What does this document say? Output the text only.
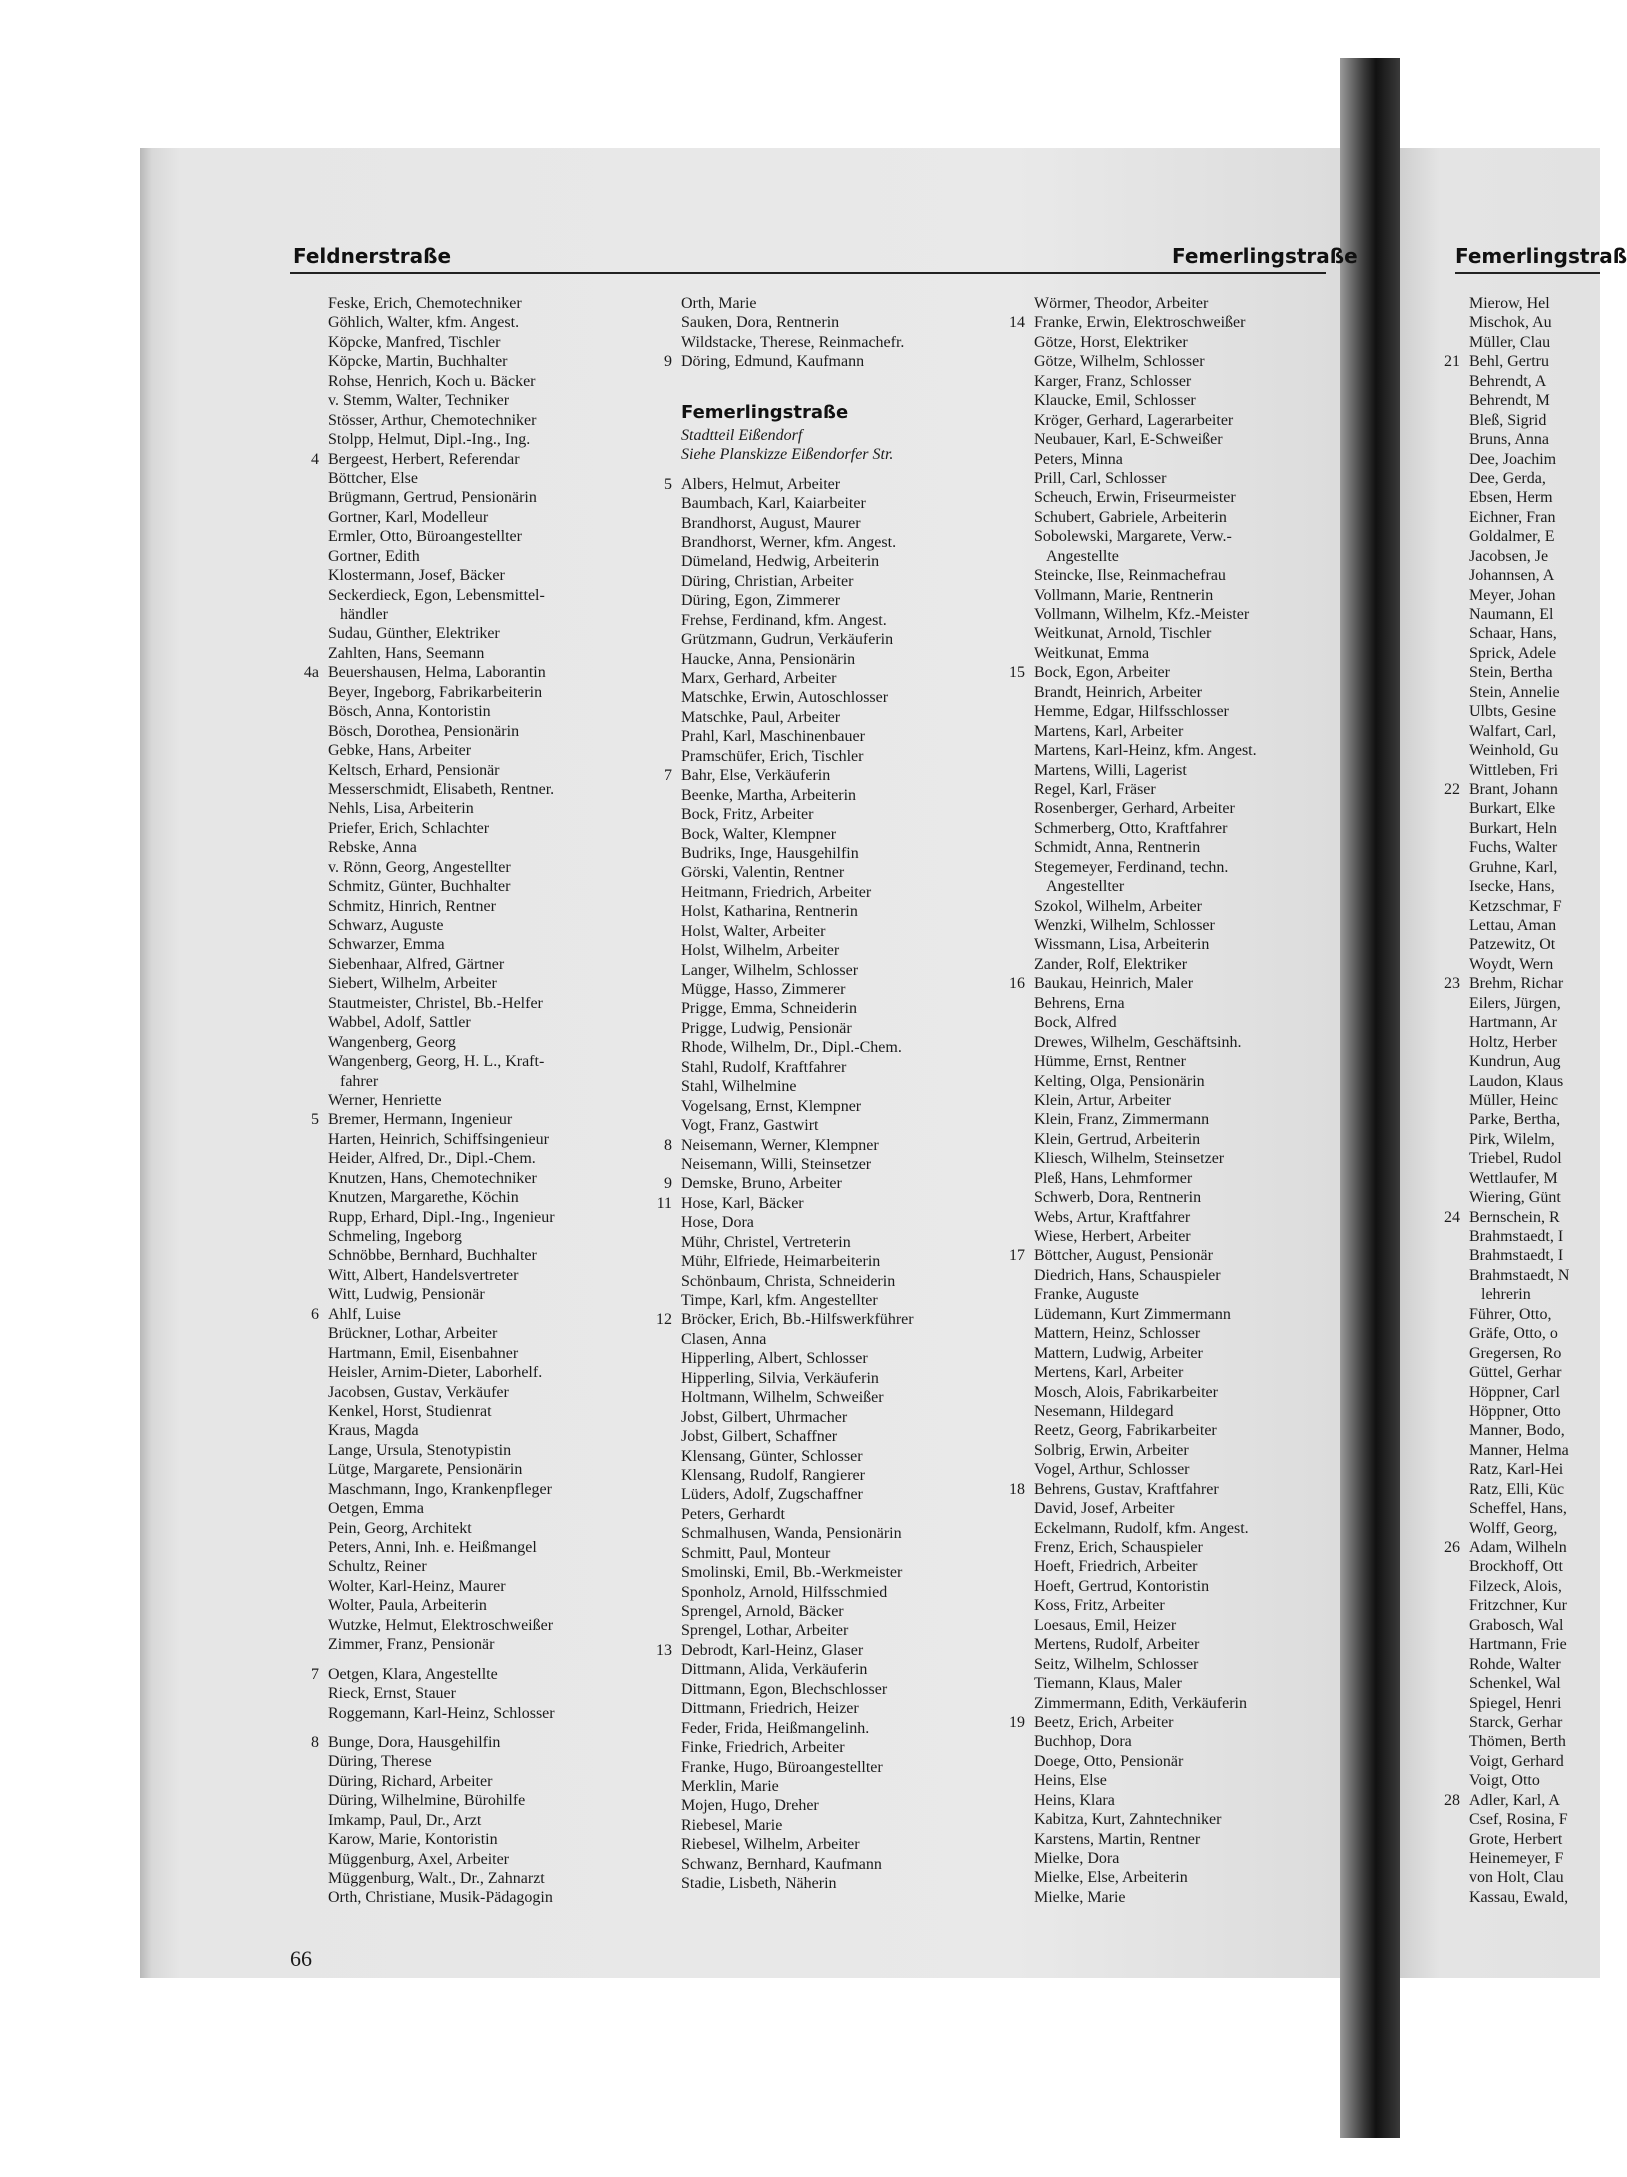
Feldnerstraße	Femerlingstraße	Femerlingstraß
Feske, Erich, Chemotechniker
Göhlich, Walter, kfm. Angest.
Köpcke, Manfred, Tischler
Köpcke, Martin, Buchhalter
Rohse, Henrich, Koch u. Bäcker
v. Stemm, Walter, Techniker
Stösser, Arthur, Chemotechniker
Stolpp, Helmut, Dipl.-Ing., Ing.
4 Bergeest, Herbert, Referendar
Böttcher, Else
Brügmann, Gertrud, Pensionärin
Gortner, Karl, Modelleur
Ermler, Otto, Büroangestellter
Gortner, Edith
Klostermann, Josef, Bäcker
Seckerdieck, Egon, Lebensmittel-
händler
Sudau, Günther, Elektriker
Zahlten, Hans, Seemann
4a Beuershausen, Helma, Laborantin
Beyer, Ingeborg, Fabrikarbeiterin
Bösch, Anna, Kontoristin
Bösch, Dorothea, Pensionärin
Gebke, Hans, Arbeiter
Keltsch, Erhard, Pensionär
Messerschmidt, Elisabeth, Rentner.
Nehls, Lisa, Arbeiterin
Priefer, Erich, Schlachter
Rebske, Anna
v. Rönn, Georg, Angestellter
Schmitz, Günter, Buchhalter
Schmitz, Hinrich, Rentner
Schwarz, Auguste
Schwarzer, Emma
Siebenhaar, Alfred, Gärtner
Siebert, Wilhelm, Arbeiter
Stautmeister, Christel, Bb.-Helfer
Wabbel, Adolf, Sattler
Wangenberg, Georg
Wangenberg, Georg, H. L., Kraft-
fahrer
Werner, Henriette
5 Bremer, Hermann, Ingenieur
Harten, Heinrich, Schiffsingenieur
Heider, Alfred, Dr., Dipl.-Chem.
Knutzen, Hans, Chemotechniker
Knutzen, Margarethe, Köchin
Rupp, Erhard, Dipl.-Ing., Ingenieur
Schmeling, Ingeborg
Schnöbbe, Bernhard, Buchhalter
Witt, Albert, Handelsvertreter
Witt, Ludwig, Pensionär
6 Ahlf, Luise
Brückner, Lothar, Arbeiter
Hartmann, Emil, Eisenbahner
Heisler, Arnim-Dieter, Laborhelf.
Jacobsen, Gustav, Verkäufer
Kenkel, Horst, Studienrat
Kraus, Magda
Lange, Ursula, Stenotypistin
Lütge, Margarete, Pensionärin
Maschmann, Ingo, Krankenpfleger
Oetgen, Emma
Pein, Georg, Architekt
Peters, Anni, Inh. e. Heißmangel
Schultz, Reiner
Wolter, Karl-Heinz, Maurer
Wolter, Paula, Arbeiterin
Wutzke, Helmut, Elektroschweißer
Zimmer, Franz, Pensionär
7 Oetgen, Klara, Angestellte
Rieck, Ernst, Stauer
Roggemann, Karl-Heinz, Schlosser
8 Bunge, Dora, Hausgehilfin
Düring, Therese
Düring, Richard, Arbeiter
Düring, Wilhelmine, Bürohilfe
Imkamp, Paul, Dr., Arzt
Karow, Marie, Kontoristin
Müggenburg, Axel, Arbeiter
Müggenburg, Walt., Dr., Zahnarzt
Orth, Christiane, Musik-Pädagogin
Orth, Marie
Sauken, Dora, Rentnerin
Wildstacke, Therese, Reinmachefr.
9 Döring, Edmund, Kaufmann
Femerlingstraße
Stadtteil Eißendorf
Siehe Planskizze Eißendorfer Str.
5 Albers, Helmut, Arbeiter
Baumbach, Karl, Kaiarbeiter
Brandhorst, August, Maurer
Brandhorst, Werner, kfm. Angest.
Dümeland, Hedwig, Arbeiterin
Düring, Christian, Arbeiter
Düring, Egon, Zimmerer
Frehse, Ferdinand, kfm. Angest.
Grützmann, Gudrun, Verkäuferin
Haucke, Anna, Pensionärin
Marx, Gerhard, Arbeiter
Matschke, Erwin, Autoschlosser
Matschke, Paul, Arbeiter
Prahl, Karl, Maschinenbauer
Pramschüfer, Erich, Tischler
7 Bahr, Else, Verkäuferin
Beenke, Martha, Arbeiterin
Bock, Fritz, Arbeiter
Bock, Walter, Klempner
Budriks, Inge, Hausgehilfin
Görski, Valentin, Rentner
Heitmann, Friedrich, Arbeiter
Holst, Katharina, Rentnerin
Holst, Walter, Arbeiter
Holst, Wilhelm, Arbeiter
Langer, Wilhelm, Schlosser
Mügge, Hasso, Zimmerer
Prigge, Emma, Schneiderin
Prigge, Ludwig, Pensionär
Rhode, Wilhelm, Dr., Dipl.-Chem.
Stahl, Rudolf, Kraftfahrer
Stahl, Wilhelmine
Vogelsang, Ernst, Klempner
Vogt, Franz, Gastwirt
8 Neisemann, Werner, Klempner
Neisemann, Willi, Steinsetzer
9 Demske, Bruno, Arbeiter
11 Hose, Karl, Bäcker
Hose, Dora
Mühr, Christel, Vertreterin
Mühr, Elfriede, Heimarbeiterin
Schönbaum, Christa, Schneiderin
Timpe, Karl, kfm. Angestellter
12 Bröcker, Erich, Bb.-Hilfswerkführer
Clasen, Anna
Hipperling, Albert, Schlosser
Hipperling, Silvia, Verkäuferin
Holtmann, Wilhelm, Schweißer
Jobst, Gilbert, Uhrmacher
Jobst, Gilbert, Schaffner
Klensang, Günter, Schlosser
Klensang, Rudolf, Rangierer
Lüders, Adolf, Zugschaffner
Peters, Gerhardt
Schmalhusen, Wanda, Pensionärin
Schmitt, Paul, Monteur
Smolinski, Emil, Bb.-Werkmeister
Sponholz, Arnold, Hilfsschmied
Sprengel, Arnold, Bäcker
Sprengel, Lothar, Arbeiter
13 Debrodt, Karl-Heinz, Glaser
Dittmann, Alida, Verkäuferin
Dittmann, Egon, Blechschlosser
Dittmann, Friedrich, Heizer
Feder, Frida, Heißmangelinh.
Finke, Friedrich, Arbeiter
Franke, Hugo, Büroangestellter
Merklin, Marie
Mojen, Hugo, Dreher
Riebesel, Marie
Riebesel, Wilhelm, Arbeiter
Schwanz, Bernhard, Kaufmann
Stadie, Lisbeth, Näherin
Wörmer, Theodor, Arbeiter
14 Franke, Erwin, Elektroschweißer
Götze, Horst, Elektriker
Götze, Wilhelm, Schlosser
Karger, Franz, Schlosser
Klaucke, Emil, Schlosser
Kröger, Gerhard, Lagerarbeiter
Neubauer, Karl, E-Schweißer
Peters, Minna
Prill, Carl, Schlosser
Scheuch, Erwin, Friseurmeister
Schubert, Gabriele, Arbeiterin
Sobolewski, Margarete, Verw.-
Angestellte
Steincke, Ilse, Reinmachefrau
Vollmann, Marie, Rentnerin
Vollmann, Wilhelm, Kfz.-Meister
Weitkunat, Arnold, Tischler
Weitkunat, Emma
15 Bock, Egon, Arbeiter
Brandt, Heinrich, Arbeiter
Hemme, Edgar, Hilfsschlosser
Martens, Karl, Arbeiter
Martens, Karl-Heinz, kfm. Angest.
Martens, Willi, Lagerist
Regel, Karl, Fräser
Rosenberger, Gerhard, Arbeiter
Schmerberg, Otto, Kraftfahrer
Schmidt, Anna, Rentnerin
Stegemeyer, Ferdinand, techn.
Angestellter
Szokol, Wilhelm, Arbeiter
Wenzki, Wilhelm, Schlosser
Wissmann, Lisa, Arbeiterin
Zander, Rolf, Elektriker
16 Baukau, Heinrich, Maler
Behrens, Erna
Bock, Alfred
Drewes, Wilhelm, Geschäftsinh.
Hümme, Ernst, Rentner
Kelting, Olga, Pensionärin
Klein, Artur, Arbeiter
Klein, Franz, Zimmermann
Klein, Gertrud, Arbeiterin
Kliesch, Wilhelm, Steinsetzer
Pleß, Hans, Lehmformer
Schwerb, Dora, Rentnerin
Webs, Artur, Kraftfahrer
Wiese, Herbert, Arbeiter
17 Böttcher, August, Pensionär
Diedrich, Hans, Schauspieler
Franke, Auguste
Lüdemann, Kurt Zimmermann
Mattern, Heinz, Schlosser
Mattern, Ludwig, Arbeiter
Mertens, Karl, Arbeiter
Mosch, Alois, Fabrikarbeiter
Nesemann, Hildegard
Reetz, Georg, Fabrikarbeiter
Solbrig, Erwin, Arbeiter
Vogel, Arthur, Schlosser
18 Behrens, Gustav, Kraftfahrer
David, Josef, Arbeiter
Eckelmann, Rudolf, kfm. Angest.
Frenz, Erich, Schauspieler
Hoeft, Friedrich, Arbeiter
Hoeft, Gertrud, Kontoristin
Koss, Fritz, Arbeiter
Loesaus, Emil, Heizer
Mertens, Rudolf, Arbeiter
Seitz, Wilhelm, Schlosser
Tiemann, Klaus, Maler
Zimmermann, Edith, Verkäuferin
19 Beetz, Erich, Arbeiter
Buchhop, Dora
Doege, Otto, Pensionär
Heins, Else
Heins, Klara
Kabitza, Kurt, Zahntechniker
Karstens, Martin, Rentner
Mielke, Dora
Mielke, Else, Arbeiterin
Mielke, Marie
Mierow, Hel
Mischok, Au
Müller, Clau
21 Behl, Gertru
Behrendt, A
Behrendt, M
Bleß, Sigrid
Bruns, Anna
Dee, Joachim
Dee, Gerda,
Ebsen, Herm
Eichner, Fran
Goldalmer, E
Jacobsen, Je
Johannsen, A
Meyer, Johan
Naumann, El
Schaar, Hans,
Sprick, Adele
Stein, Bertha
Stein, Annelie
Ulbts, Gesine
Walfart, Carl,
Weinhold, Gu
Wittleben, Fri
22 Brant, Johann
Burkart, Elke
Burkart, Heln
Fuchs, Walter
Gruhne, Karl,
Isecke, Hans,
Ketzschmar, F
Lettau, Aman
Patzewitz, Ot
Woydt, Wern
23 Brehm, Richar
Eilers, Jürgen,
Hartmann, Ar
Holtz, Herber
Kundrun, Aug
Laudon, Klaus
Müller, Heinc
Parke, Bertha,
Pirk, Wilelm,
Triebel, Rudol
Wettlaufer, M
Wiering, Günt
24 Bernschein, R
Brahmstaedt, I
Brahmstaedt, I
Brahmstaedt, N
lehrerin
Führer, Otto,
Gräfe, Otto, o
Gregersen, Ro
Güttel, Gerhar
Höppner, Carl
Höppner, Otto
Manner, Bodo,
Manner, Helma
Ratz, Karl-Hei
Ratz, Elli, Küc
Scheffel, Hans,
Wolff, Georg,
26 Adam, Wilheln
Brockhoff, Ott
Filzeck, Alois,
Fritzchner, Kur
Grabosch, Wal
Hartmann, Frie
Rohde, Walter
Schenkel, Wal
Spiegel, Henri
Starck, Gerhar
Thömen, Berth
Voigt, Gerhard
Voigt, Otto
28 Adler, Karl, A
Csef, Rosina, F
Grote, Herbert
Heinemeyer, F
von Holt, Clau
Kassau, Ewald,
66
